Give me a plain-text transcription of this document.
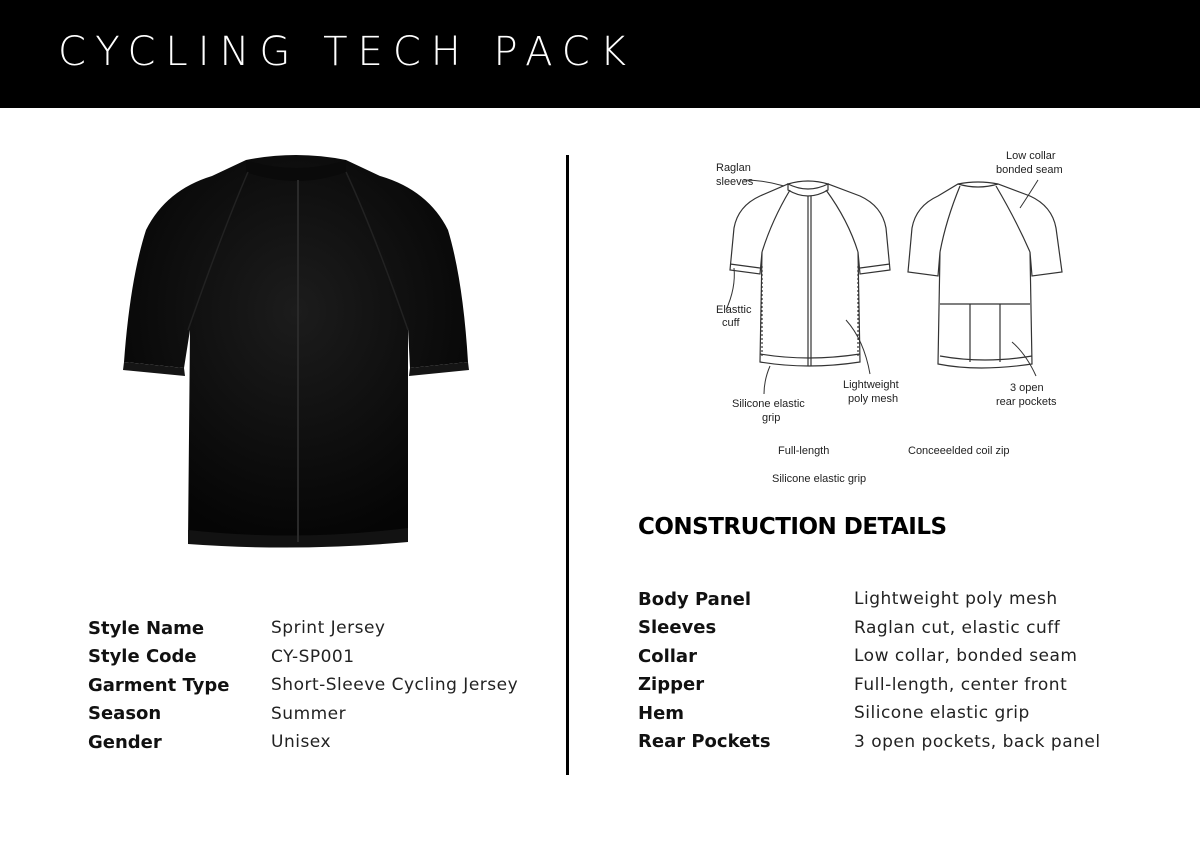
CYCLING TECH PACK
Style Name	Sprint Jersey
Style Code	CY-SP001
Garment Type	Short-Sleeve Cycling Jersey
Season	Summer
Gender	Unisex
Raglan
sleeves
Low collar
bonded seam
Elasttic
cuff
Lightweight
poly mesh
3 open
rear pockets
Silicone elastic
grip
Full-length	Conceeelded coil zip
Silicone elastic grip
CONSTRUCTION DETAILS
Body Panel	Lightweight poly mesh
Sleeves	Raglan cut, elastic cuff
Collar	Low collar, bonded seam
Zipper	Full-length, center front
Hem	Silicone elastic grip
Rear Pockets	3 open pockets, back panel
